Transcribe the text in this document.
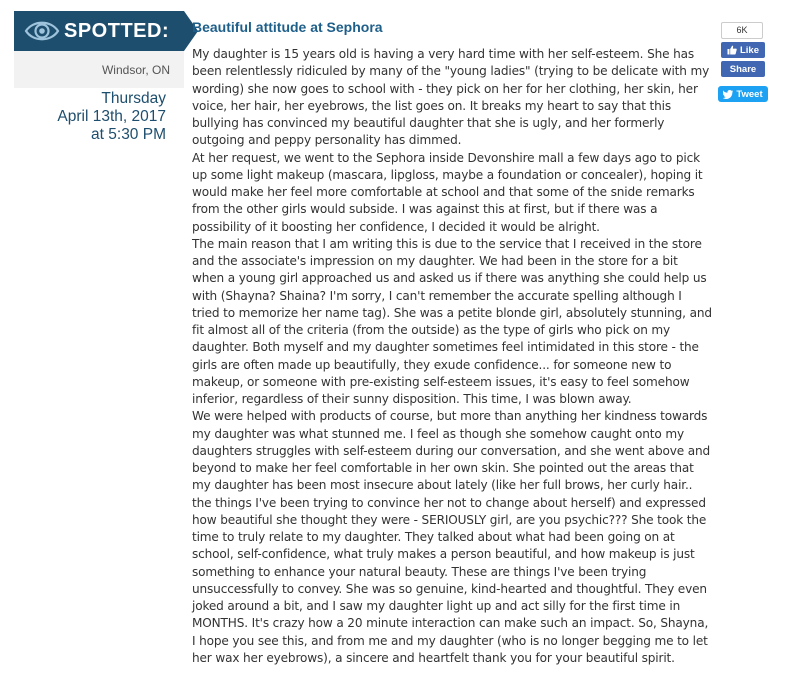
SPOTTED:
Windsor, ON
Thursday
April 13th, 2017
at 5:30 PM
Beautiful attitude at Sephora

My daughter is 15 years old is having a very hard time with her self-esteem. She has been relentlessly ridiculed by many of the "young ladies" (trying to be delicate with my wording) she now goes to school with - they pick on her for her clothing, her skin, her voice, her hair, her eyebrows, the list goes on. It breaks my heart to say that this bullying has convinced my beautiful daughter that she is ugly, and her formerly outgoing and peppy personality has dimmed.

At her request, we went to the Sephora inside Devonshire mall a few days ago to pick up some light makeup (mascara, lipgloss, maybe a foundation or concealer), hoping it would make her feel more comfortable at school and that some of the snide remarks from the other girls would subside. I was against this at first, but if there was a possibility of it boosting her confidence, I decided it would be alright.

The main reason that I am writing this is due to the service that I received in the store and the associate's impression on my daughter. We had been in the store for a bit when a young girl approached us and asked us if there was anything she could help us with (Shayna? Shaina? I'm sorry, I can't remember the accurate spelling although I tried to memorize her name tag). She was a petite blonde girl, absolutely stunning, and fit almost all of the criteria (from the outside) as the type of girls who pick on my daughter. Both myself and my daughter sometimes feel intimidated in this store - the girls are often made up beautifully, they exude confidence... for someone new to makeup, or someone with pre-existing self-esteem issues, it's easy to feel somehow inferior, regardless of their sunny disposition. This time, I was blown away.

We were helped with products of course, but more than anything her kindness towards my daughter was what stunned me. I feel as though she somehow caught onto my daughters struggles with self-esteem during our conversation, and she went above and beyond to make her feel comfortable in her own skin. She pointed out the areas that my daughter has been most insecure about lately (like her full brows, her curly hair.. the things I've been trying to convince her not to change about herself) and expressed how beautiful she thought they were - SERIOUSLY girl, are you psychic??? She took the time to truly relate to my daughter. They talked about what had been going on at school, self-confidence, what truly makes a person beautiful, and how makeup is just something to enhance your natural beauty. These are things I've been trying unsuccessfully to convey. She was so genuine, kind-hearted and thoughtful. They even joked around a bit, and I saw my daughter light up and act silly for the first time in MONTHS. It's crazy how a 20 minute interaction can make such an impact. So, Shayna, I hope you see this, and from me and my daughter (who is no longer begging me to let her wax her eyebrows), a sincere and heartfelt thank you for your beautiful spirit.

6K
Like
Share
Tweet
